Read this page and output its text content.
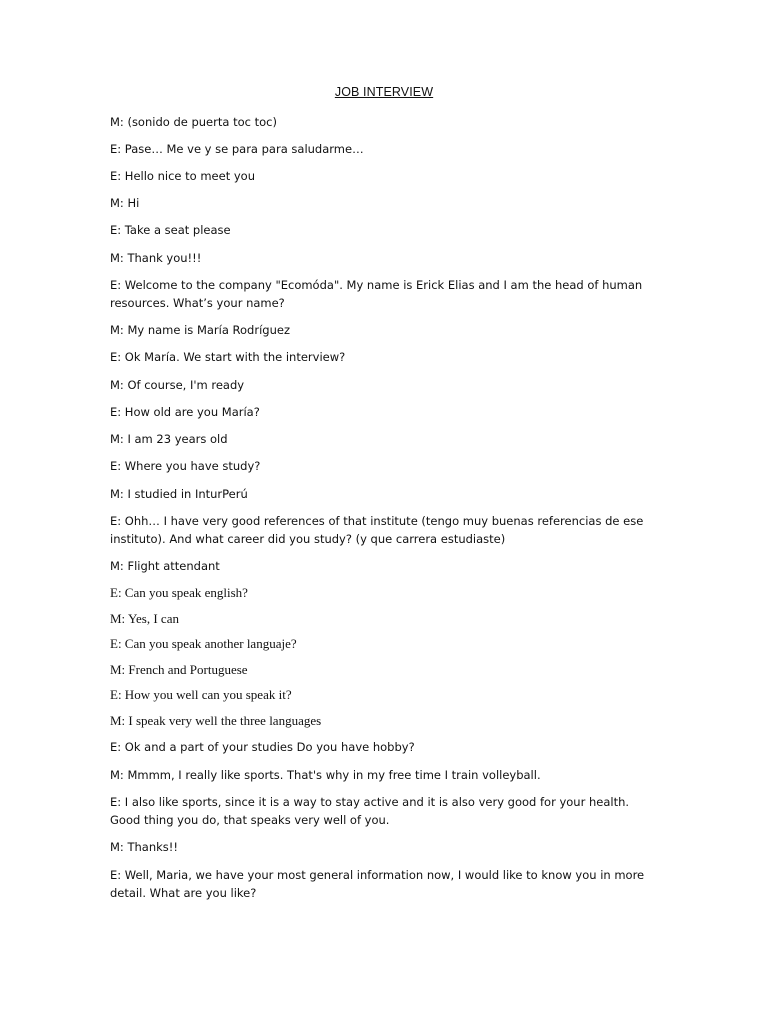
JOB INTERVIEW
M: (sonido de puerta toc toc)
E: Pase… Me ve y se para para saludarme…
E: Hello nice to meet you
M: Hi
E: Take a seat please
M: Thank you!!!
E: Welcome to the company "Ecomóda". My name is Erick Elias and I am the head of human resources. What’s your name?
M: My name is María Rodríguez
E: Ok María. We start with the interview?
M: Of course, I'm ready
E: How old are you María?
M: I am 23 years old
E: Where you have study?
M: I studied in InturPerú
E: Ohh… I have very good references of that institute (tengo muy buenas referencias de ese instituto). And what career did you study? (y que carrera estudiaste)
M: Flight attendant
E: Can you speak english?
M: Yes, I can
E: Can you speak another languaje?
M: French and Portuguese
E: How you well can you speak it?
M: I speak very well the three languages
E: Ok and a part of your studies Do you have hobby?
M: Mmmm, I really like sports. That's why in my free time I train volleyball.
E: I also like sports, since it is a way to stay active and it is also very good for your health. Good thing you do, that speaks very well of you.
M: Thanks!!
E: Well, Maria, we have your most general information now, I would like to know you in more detail. What are you like?
